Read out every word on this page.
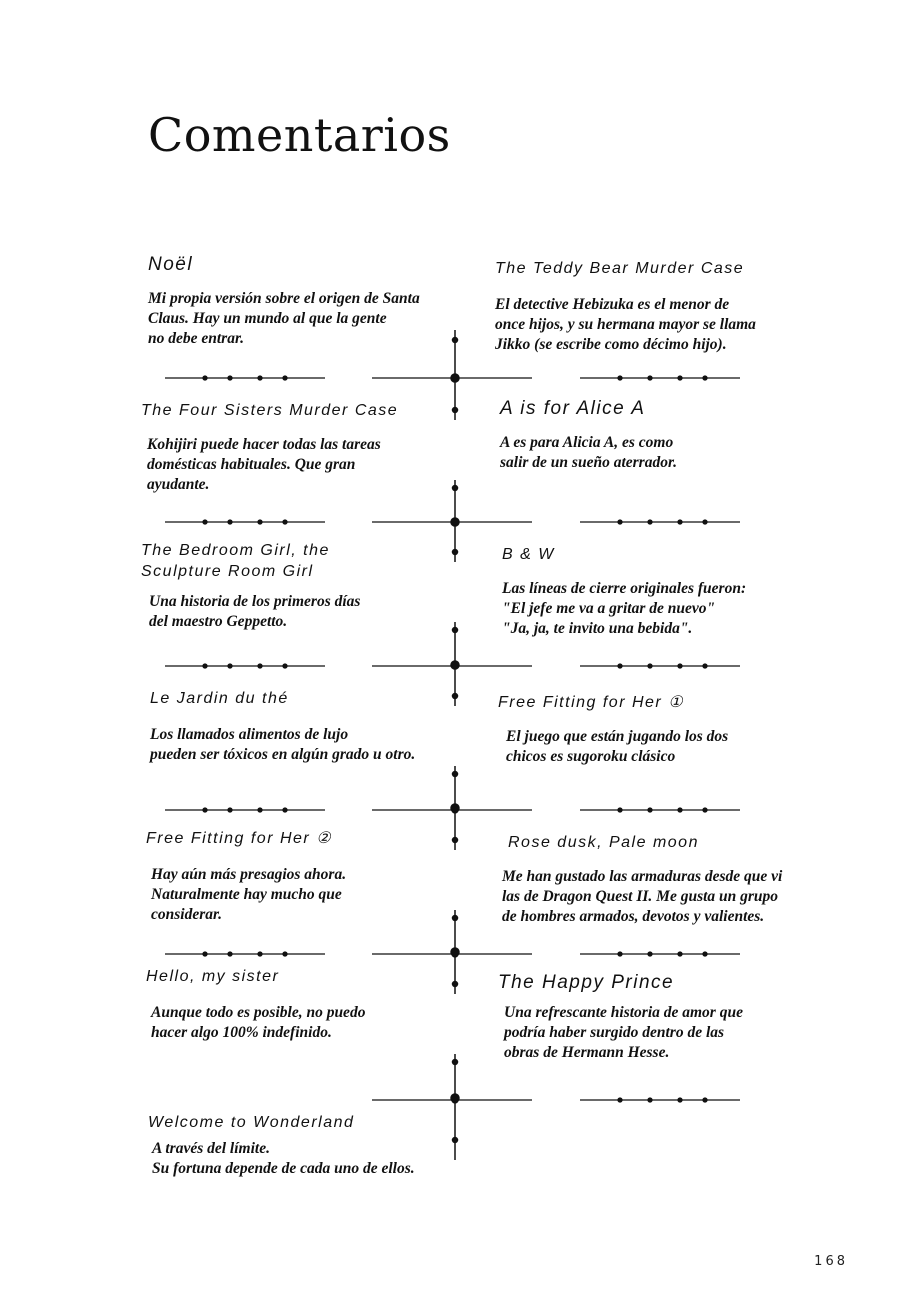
Comentarios
Noël
Mi propia versión sobre el origen de Santa
Claus. Hay un mundo al que la gente
no debe entrar.
The Teddy Bear Murder Case
El detective Hebizuka es el menor de
once hijos, y su hermana mayor se llama
Jikko (se escribe como décimo hijo).
The Four Sisters Murder Case
Kohijiri puede hacer todas las tareas
domésticas habituales. Que gran
ayudante.
A is for Alice A
A es para Alicia A, es como
salir de un sueño aterrador.
The Bedroom Girl, the
Sculpture Room Girl
Una historia de los primeros días
del maestro Geppetto.
B & W
Las líneas de cierre originales fueron:
"El jefe me va a gritar de nuevo"
"Ja, ja, te invito una bebida".
Le Jardin du thé
Los llamados alimentos de lujo
pueden ser tóxicos en algún grado u otro.
Free Fitting for Her ①
El juego que están jugando los dos
chicos es sugoroku clásico
Free Fitting for Her ②
Hay aún más presagios ahora.
Naturalmente hay mucho que
considerar.
Rose dusk, Pale moon
Me han gustado las armaduras desde que vi
las de Dragon Quest II. Me gusta un grupo
de hombres armados, devotos y valientes.
Hello, my sister
Aunque todo es posible, no puedo
hacer algo 100% indefinido.
The Happy Prince
Una refrescante historia de amor que
podría haber surgido dentro de las
obras de Hermann Hesse.
Welcome to Wonderland
A través del límite.
Su fortuna depende de cada uno de ellos.
168
